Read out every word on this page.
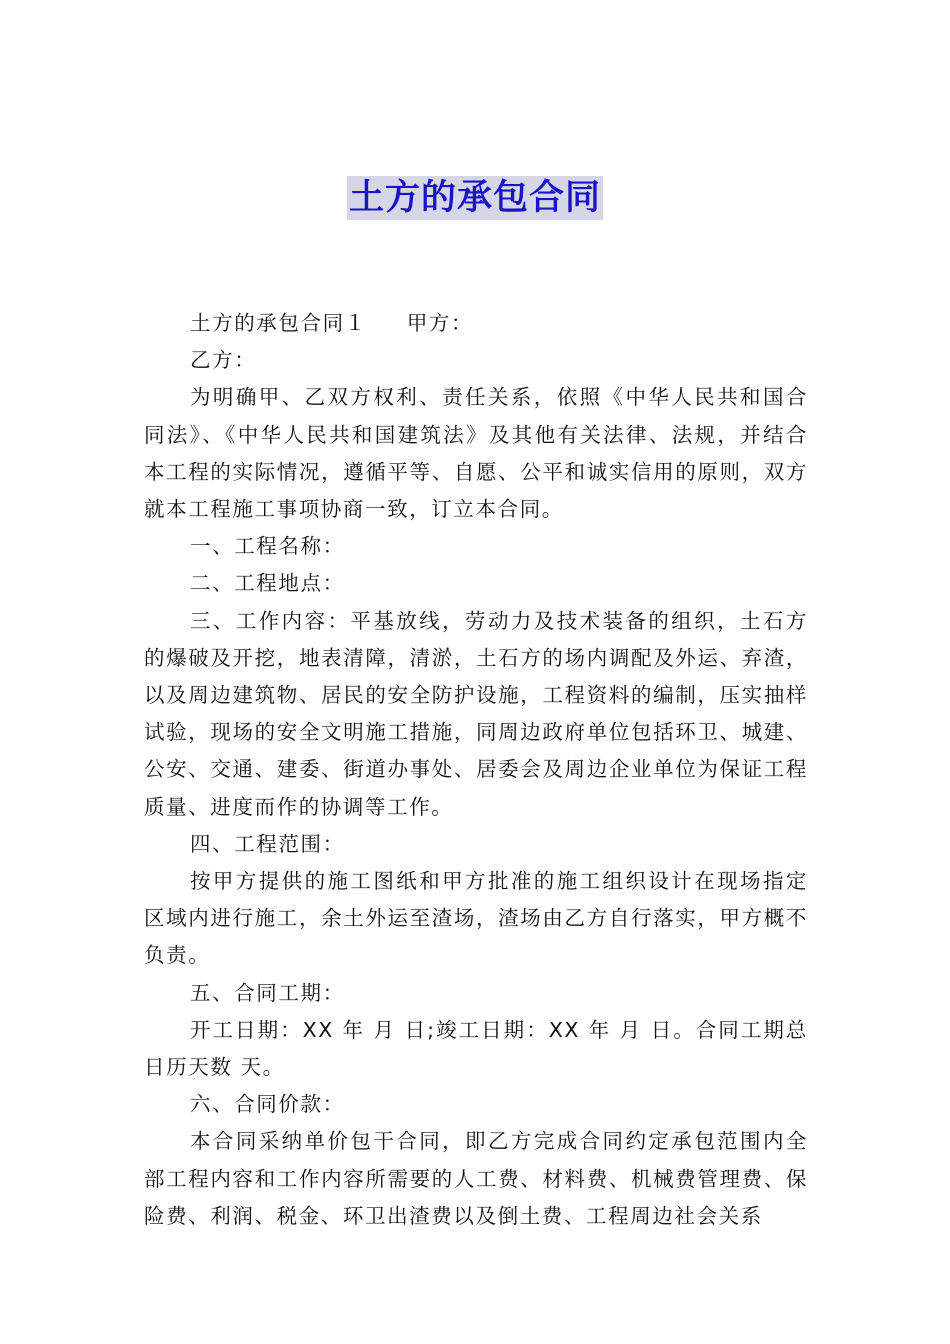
土方的承包合同

土方的承包合同１ 甲方：

乙方：

为明确甲、乙双方权利、责任关系，依照《中华人民共和国合同法》、《中华人民共和国建筑法》及其他有关法律、法规，并结合本工程的实际情况，遵循平等、自愿、公平和诚实信用的原则，双方就本工程施工事项协商一致，订立本合同。

一、工程名称：

二、工程地点：

三、工作内容：平基放线，劳动力及技术装备的组织，土石方的爆破及开挖，地表清障，清淤，土石方的场内调配及外运、弃渣，以及周边建筑物、居民的安全防护设施，工程资料的编制，压实抽样试验，现场的安全文明施工措施，同周边政府单位包括环卫、城建、公安、交通、建委、街道办事处、居委会及周边企业单位为保证工程质量、进度而作的协调等工作。

四、工程范围：

按甲方提供的施工图纸和甲方批准的施工组织设计在现场指定区域内进行施工，余土外运至渣场，渣场由乙方自行落实，甲方概不负责。

五、合同工期：

开工日期：XX 年 月 日;竣工日期：XX 年 月 日。合同工期总日历天数 天。

六、合同价款：

本合同采纳单价包干合同，即乙方完成合同约定承包范围内全部工程内容和工作内容所需要的人工费、材料费、机械费管理费、保险费、利润、税金、环卫出渣费以及倒土费、工程周边社会关系
